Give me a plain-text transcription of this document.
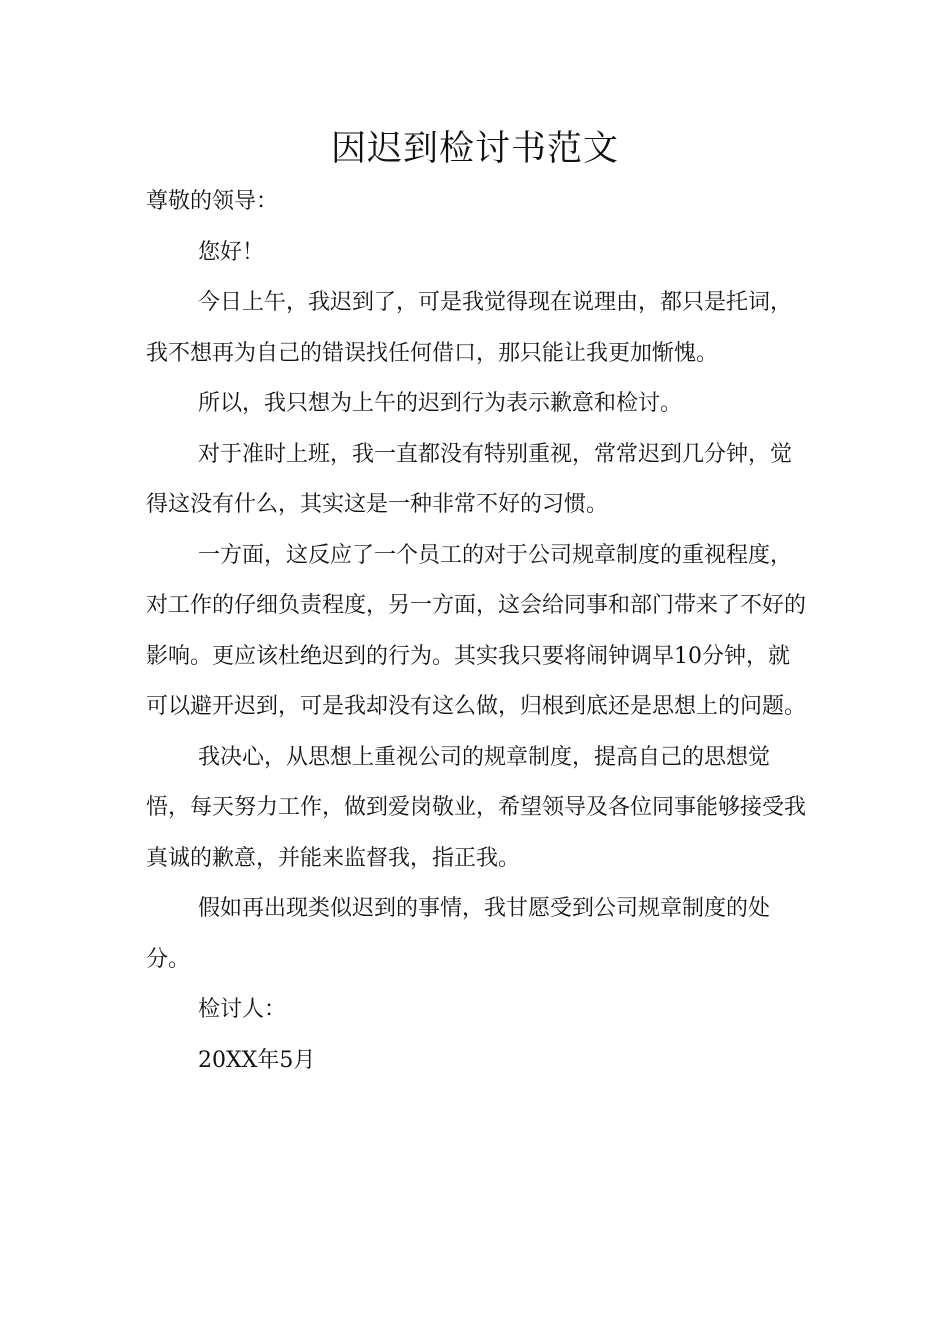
因迟到检讨书范文

尊敬的领导：

您好！

今日上午，我迟到了，可是我觉得现在说理由，都只是托词，我不想再为自己的错误找任何借口，那只能让我更加惭愧。

所以，我只想为上午的迟到行为表示歉意和检讨。

对于准时上班，我一直都没有特别重视，常常迟到几分钟，觉得这没有什么，其实这是一种非常不好的习惯。

一方面，这反应了一个员工的对于公司规章制度的重视程度，对工作的仔细负责程度，另一方面，这会给同事和部门带来了不好的影响。更应该杜绝迟到的行为。其实我只要将闹钟调早10分钟，就可以避开迟到，可是我却没有这么做，归根到底还是思想上的问题。

我决心，从思想上重视公司的规章制度，提高自己的思想觉悟，每天努力工作，做到爱岗敬业，希望领导及各位同事能够接受我真诚的歉意，并能来监督我，指正我。

假如再出现类似迟到的事情，我甘愿受到公司规章制度的处分。

检讨人：

20XX年5月
